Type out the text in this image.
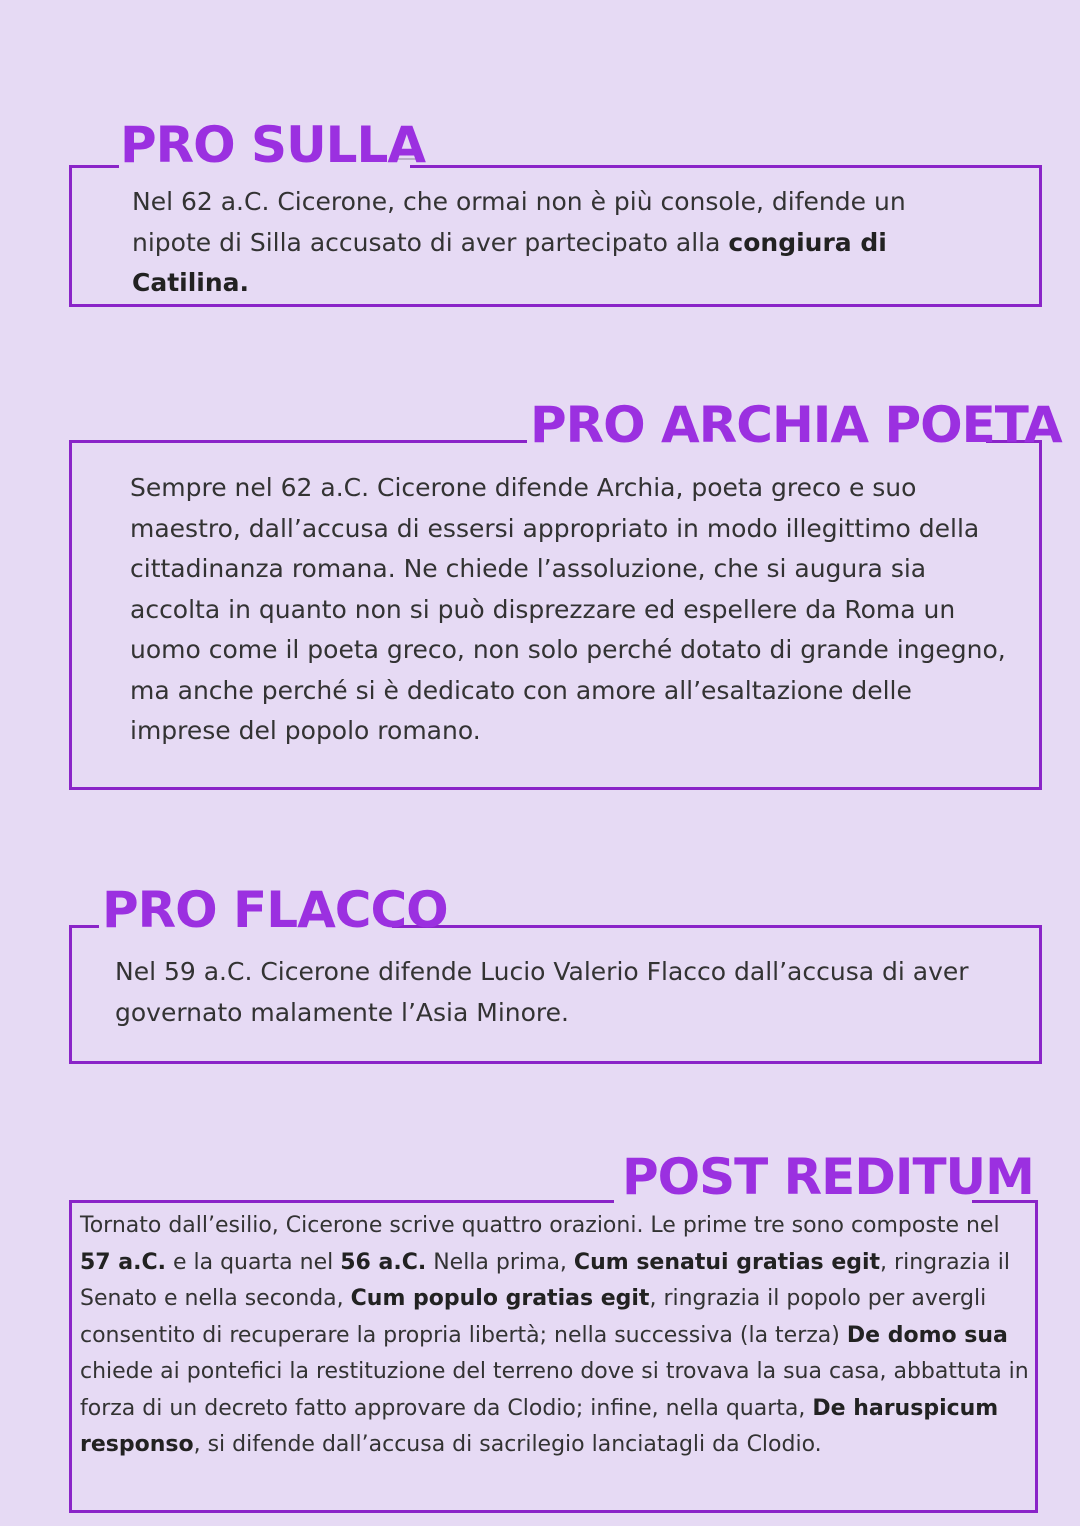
PRO SULLA
Nel 62 a.C. Cicerone, che ormai non è più console, difende un nipote di Silla accusato di aver partecipato alla congiura di Catilina.
PRO ARCHIA POETA
Sempre nel 62 a.C. Cicerone difende Archia, poeta greco e suo maestro, dall’accusa di essersi appropriato in modo illegittimo della cittadinanza romana. Ne chiede l’assoluzione, che si augura sia accolta in quanto non si può disprezzare ed espellere da Roma un uomo come il poeta greco, non solo perché dotato di grande ingegno, ma anche perché si è dedicato con amore all’esaltazione delle imprese del popolo romano.
PRO FLACCO
Nel 59 a.C. Cicerone difende Lucio Valerio Flacco dall’accusa di aver governato malamente l’Asia Minore.
POST REDITUM
Tornato dall’esilio, Cicerone scrive quattro orazioni. Le prime tre sono composte nel 57 a.C. e la quarta nel 56 a.C. Nella prima, Cum senatui gratias egit, ringrazia il Senato e nella seconda, Cum populo gratias egit, ringrazia il popolo per avergli consentito di recuperare la propria libertà; nella successiva (la terza) De domo sua chiede ai pontefici la restituzione del terreno dove si trovava la sua casa, abbattuta in forza di un decreto fatto approvare da Clodio; infine, nella quarta, De haruspicum responso, si difende dall’accusa di sacrilegio lanciatagli da Clodio.
